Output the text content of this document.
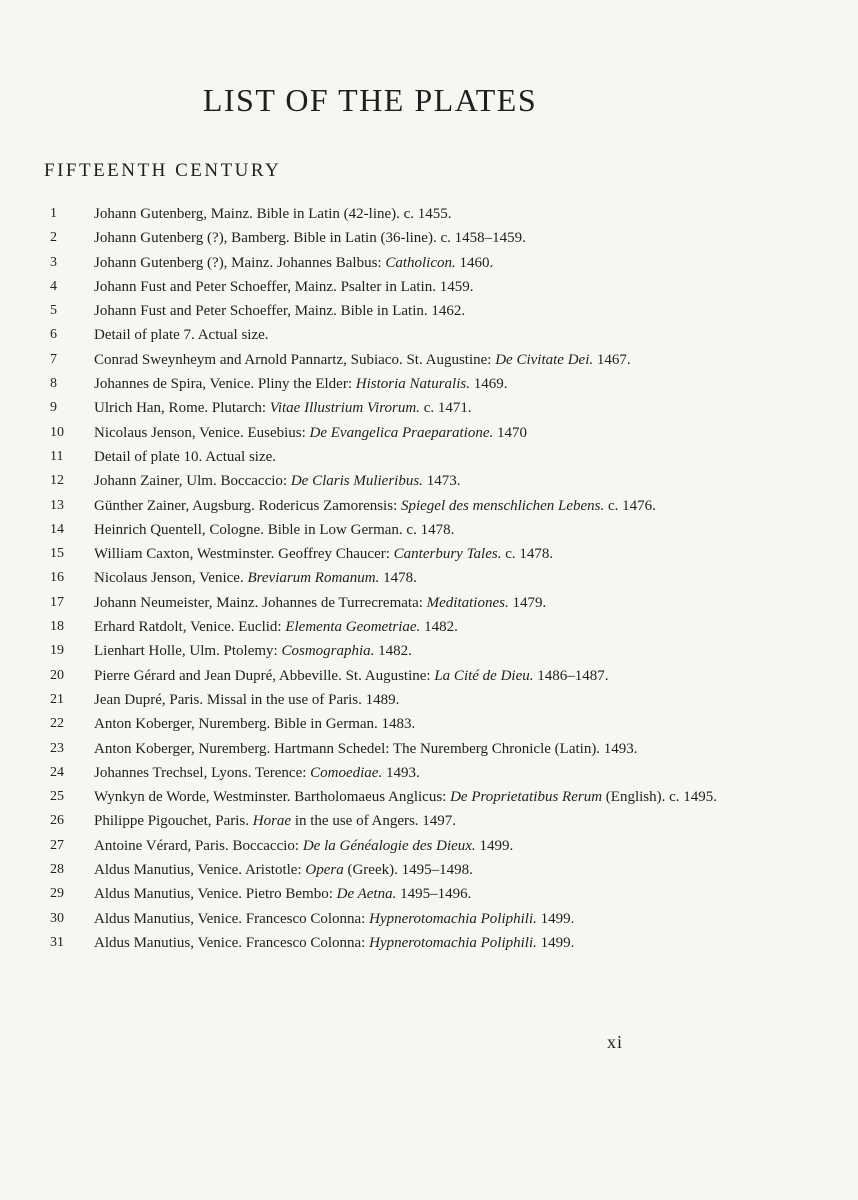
LIST OF THE PLATES
FIFTEENTH CENTURY
1	Johann Gutenberg, Mainz. Bible in Latin (42-line). c. 1455.
2	Johann Gutenberg (?), Bamberg. Bible in Latin (36-line). c. 1458–1459.
3	Johann Gutenberg (?), Mainz. Johannes Balbus: Catholicon. 1460.
4	Johann Fust and Peter Schoeffer, Mainz. Psalter in Latin. 1459.
5	Johann Fust and Peter Schoeffer, Mainz. Bible in Latin. 1462.
6	Detail of plate 7. Actual size.
7	Conrad Sweynheym and Arnold Pannartz, Subiaco. St. Augustine: De Civitate Dei. 1467.
8	Johannes de Spira, Venice. Pliny the Elder: Historia Naturalis. 1469.
9	Ulrich Han, Rome. Plutarch: Vitae Illustrium Virorum. c. 1471.
10	Nicolaus Jenson, Venice. Eusebius: De Evangelica Praeparatione. 1470
11	Detail of plate 10. Actual size.
12	Johann Zainer, Ulm. Boccaccio: De Claris Mulieribus. 1473.
13	Günther Zainer, Augsburg. Rodericus Zamorensis: Spiegel des menschlichen Lebens. c. 1476.
14	Heinrich Quentell, Cologne. Bible in Low German. c. 1478.
15	William Caxton, Westminster. Geoffrey Chaucer: Canterbury Tales. c. 1478.
16	Nicolaus Jenson, Venice. Breviarum Romanum. 1478.
17	Johann Neumeister, Mainz. Johannes de Turrecremata: Meditationes. 1479.
18	Erhard Ratdolt, Venice. Euclid: Elementa Geometriae. 1482.
19	Lienhart Holle, Ulm. Ptolemy: Cosmographia. 1482.
20	Pierre Gérard and Jean Dupré, Abbeville. St. Augustine: La Cité de Dieu. 1486–1487.
21	Jean Dupré, Paris. Missal in the use of Paris. 1489.
22	Anton Koberger, Nuremberg. Bible in German. 1483.
23	Anton Koberger, Nuremberg. Hartmann Schedel: The Nuremberg Chronicle (Latin). 1493.
24	Johannes Trechsel, Lyons. Terence: Comoediae. 1493.
25	Wynkyn de Worde, Westminster. Bartholomaeus Anglicus: De Proprietatibus Rerum (English). c. 1495.
26	Philippe Pigouchet, Paris. Horae in the use of Angers. 1497.
27	Antoine Vérard, Paris. Boccaccio: De la Généalogie des Dieux. 1499.
28	Aldus Manutius, Venice. Aristotle: Opera (Greek). 1495–1498.
29	Aldus Manutius, Venice. Pietro Bembo: De Aetna. 1495–1496.
30	Aldus Manutius, Venice. Francesco Colonna: Hypnerotomachia Poliphili. 1499.
31	Aldus Manutius, Venice. Francesco Colonna: Hypnerotomachia Poliphili. 1499.

xi
